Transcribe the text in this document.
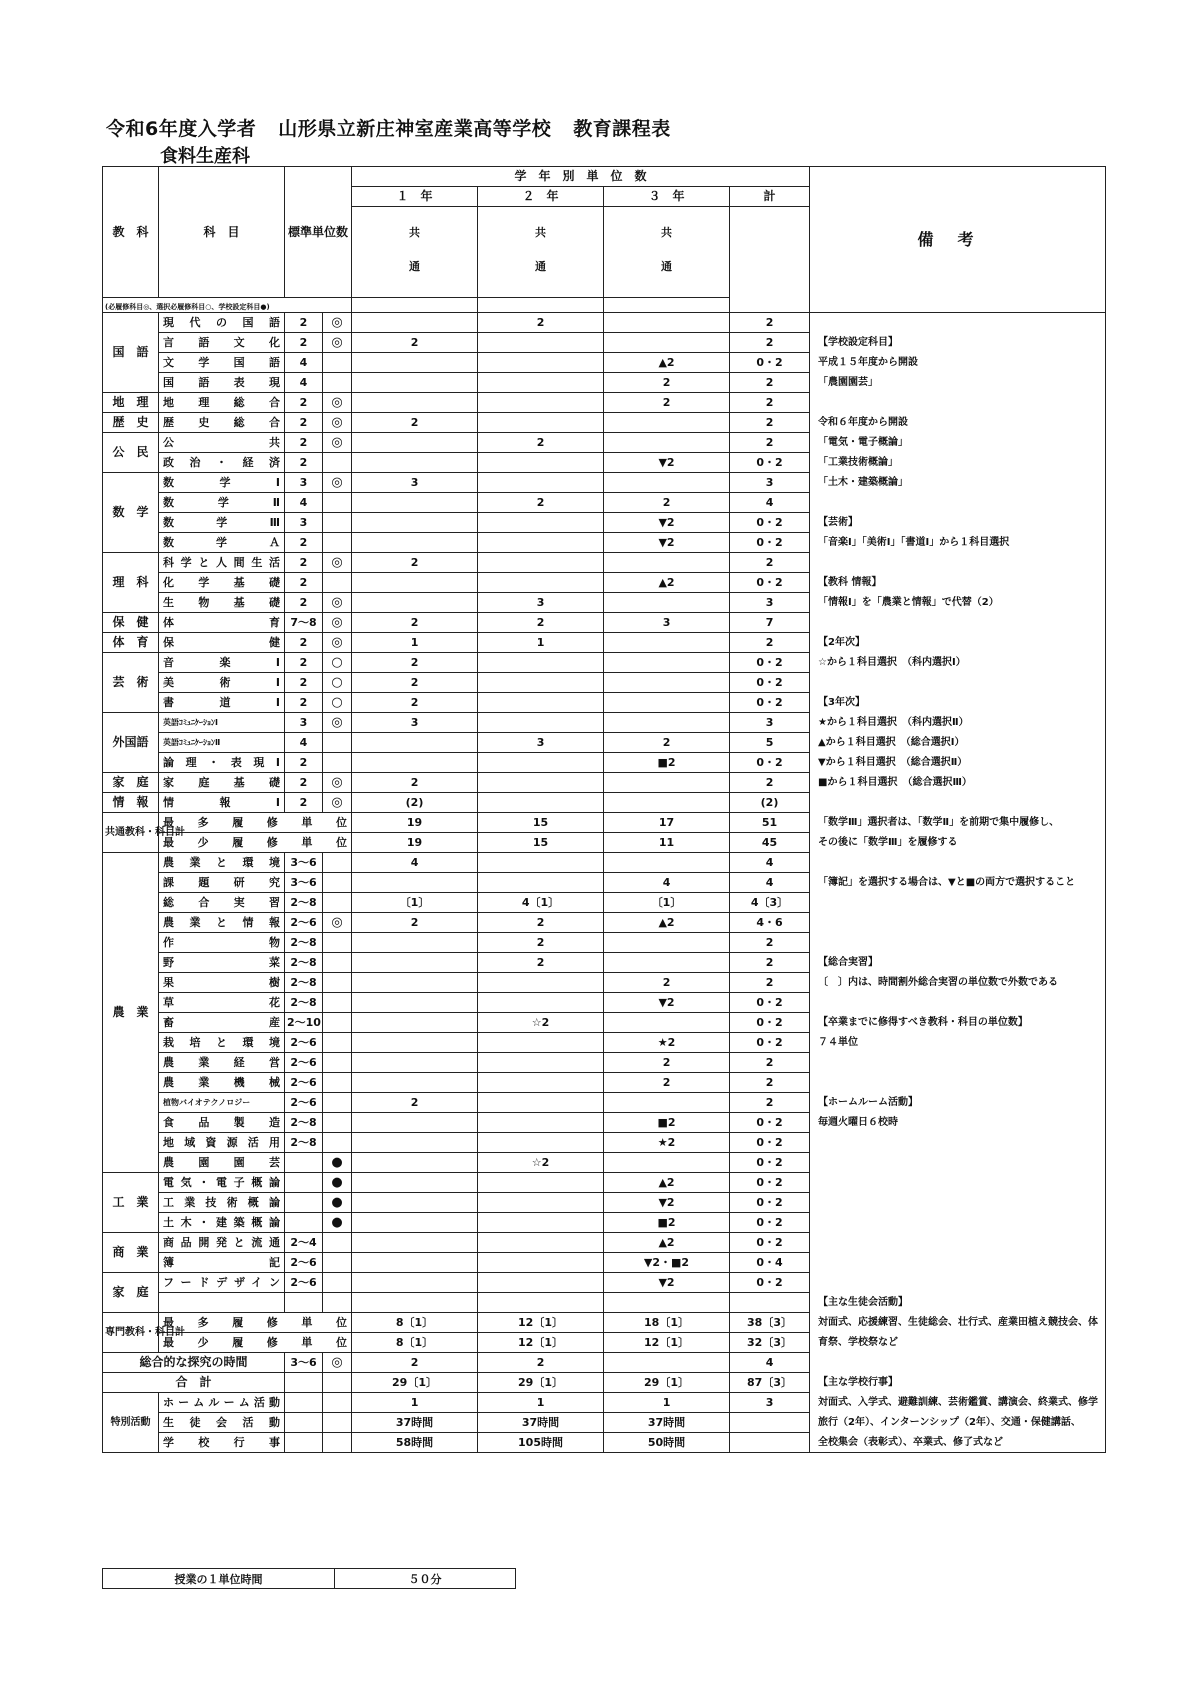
令和6年度入学者 山形県立新庄神室産業高等学校 教育課程表
食料生産科
教　科	科　目	標準単位数		学　年　別　単　位　数				備考
				１　年	２　年	３　年	計	
				共	共	共		
				通	通	通		
(必履修科目◎、選択必履修科目○、学校設定科目●)								
国　語	現代の国語	2	◎		2		2	
	言語文化	2	◎	2			2	【学校設定科目】
	文学国語	4				▲2	0・2	平成１５年度から開設
	国語表現	4				2	2	「農園園芸」
地　理	地理総合	2	◎			2	2	
歴　史	歴史総合	2	◎	2			2	令和６年度から開設
公　民	公共	2	◎		2		2	「電気・電子概論」
	政治・経済	2				▼2	0・2	「工業技術概論」
数　学	数学Ⅰ	3	◎	3			3	「土木・建築概論」
	数学Ⅱ	4			2	2	4	
	数学Ⅲ	3				▼2	0・2	【芸術】
	数学Ａ	2				▼2	0・2	「音楽Ⅰ」「美術Ⅰ」「書道Ⅰ」から１科目選択
理　科	科学と人間生活	2	◎	2			2	
	化学基礎	2				▲2	0・2	【教科 情報】
	生物基礎	2	◎		3		3	「情報Ⅰ」を「農業と情報」で代替（2）
保　健	体育	7～8	◎	2	2	3	7	
体　育	保健	2	◎	1	1		2	【2年次】
芸　術	音楽Ⅰ	2	○	2			0・2	☆から１科目選択　（科内選択Ⅰ）
	美術Ⅰ	2	○	2			0・2	
	書道Ⅰ	2	○	2			0・2	【3年次】
外国語	英語ｺﾐｭﾆｹｰｼｮﾝⅠ	3	◎	3			3	★から１科目選択　（科内選択Ⅱ）
	英語ｺﾐｭﾆｹｰｼｮﾝⅡ	4			3	2	5	▲から１科目選択　（総合選択Ⅰ）
	論理・表現Ⅰ	2				■2	0・2	▼から１科目選択　（総合選択Ⅱ）
家　庭	家庭基礎	2	◎	2			2	■から１科目選択　（総合選択Ⅲ）
情　報	情報Ⅰ	2	◎	(2)			(2)	
共通教科・科目計	最多履修単位			19	15	17	51	「数学Ⅲ」選択者は、「数学Ⅱ」を前期で集中履修し、
	最少履修単位			19	15	11	45	その後に「数学Ⅲ」を履修する
農　業	農業と環境	3～6		4			4	
	課題研究	3～6				4	4	「簿記」を選択する場合は、▼と■の両方で選択すること
	総合実習	2～8		〔1〕	4〔1〕	〔1〕	4〔3〕	
	農業と情報	2～6	◎	2	2	▲2	4・6	
	作物	2～8			2		2	
	野菜	2～8			2		2	【総合実習】
	果樹	2～8				2	2	〔　〕内は、時間割外総合実習の単位数で外数である
	草花	2～8				▼2	0・2	
	畜産	2～10			☆2		0・2	【卒業までに修得すべき教科・科目の単位数】
	栽培と環境	2～6				★2	0・2	７４単位
	農業経営	2～6				2	2	
	農業機械	2～6				2	2	
	植物バイオテクノロジー	2～6		2			2	【ホームルーム活動】
	食品製造	2～8				■2	0・2	毎週火曜日６校時
	地域資源活用	2～8				★2	0・2	
	農園園芸		●		☆2		0・2	
工　業	電気・電子概論		●			▲2	0・2	
	工業技術概論		●			▼2	0・2	
	土木・建築概論		●			■2	0・2	
商　業	商品開発と流通	2～4				▲2	0・2	
	簿記	2～6				▼2・■2	0・4	
家　庭	フードデザイン	2～6				▼2	0・2	
								【主な生徒会活動】
専門教科・科目計	最多履修単位			8〔1〕	12〔1〕	18〔1〕	38〔3〕	対面式、応援練習、生徒総会、壮行式、産業田植え競技会、体
	最少履修単位			8〔1〕	12〔1〕	12〔1〕	32〔3〕	育祭、学校祭など
総合的な探究の時間		3～6	◎	2	2		4	
合　計				29〔1〕	29〔1〕	29〔1〕	87〔3〕	【主な学校行事】
特別活動	ホームルーム活動			1	1	1	3	対面式、入学式、避難訓練、芸術鑑賞、講演会、終業式、修学
	生徒会活動			37時間	37時間	37時間		旅行（2年）、インターンシップ（2年）、交通・保健講話、
	学校行事			58時間	105時間	50時間		全校集会（表彰式）、卒業式、修了式など
授業の１単位時間	５０分
